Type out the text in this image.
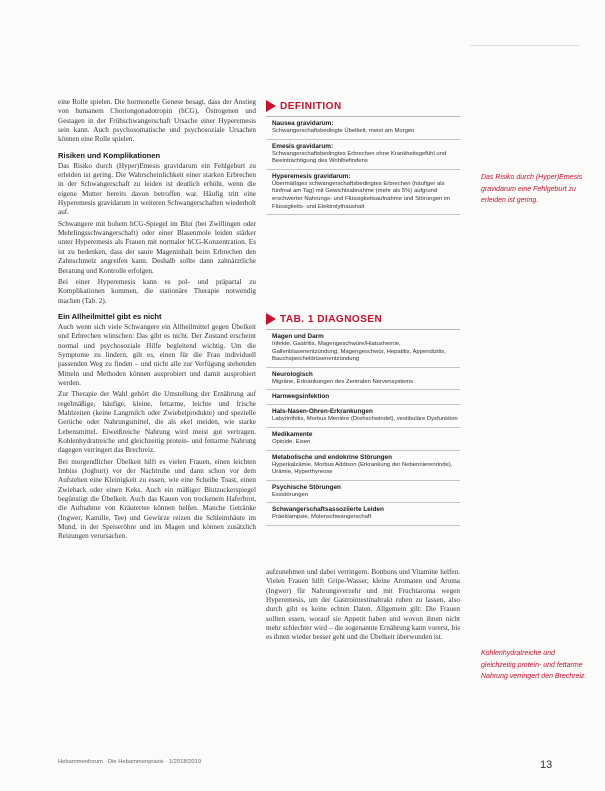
eine Rolle spielen. Die hormonelle Genese besagt, dass der Anstieg von humanem Choriongonadotropin (hCG), Östrogenen und Gestagen in der Frühschwangerschaft Ursache einer Hyperemesis sein kann. Auch psychosomatische und psychosoziale Ursachen können eine Rolle spielen.

Risiken und Komplikationen

Das Risiko durch (Hyper)Emesis gravidarum ein Fehlgeburt zu erleiden ist gering. Die Wahrscheinlichkeit einer starken Erbrechen in der Schwangerschaft zu leiden ist deutlich erhöht, wenn die eigene Mutter bereits davon betroffen war. Häufig tritt eine Hyperemesis gravidarum in weiteren Schwangerschaften wiederholt auf.

Schwangere mit hohem hCG-Spiegel im Blut (bei Zwillingen oder Mehrlingsschwangerschaft) oder einer Blasenmole leiden stärker unter Hyperemesis als Frauen mit normaler hCG-Konzentration. Es ist zu bedenken, dass der saure Mageninhalt beim Erbrechen den Zahnschmelz angreifen kann. Deshalb sollte dann zahnärztliche Beratung und Kontrolle erfolgen.

Bei einer Hyperemesis kann es pol- und präpartal zu Komplikationen kommen, die stationäre Therapie notwendig machen (Tab. 2).

Ein Allheilmittel gibt es nicht

Auch wenn sich viele Schwangere ein Allheilmittel gegen Übelkeit und Erbrechen wünschen: Das gibt es nicht. Der Zustand erscheint normal und psychosoziale Hilfe begleitend wichtig. Um die Symptome zu lindern, gilt es, einen für die Frau individuell passenden Weg zu finden – und nicht alle zur Verfügung stehenden Mitteln und Methoden können ausprobiert und damit ausprobiert werden.

Zur Therapie der Wahl gehört die Umstellung der Ernährung auf regelmäßige, häufige, kleine, fettarme, leichte und frische Mahlzeiten (keine Langmilch oder Zwiebelprodukte) und spezielle Gerüche oder Nahrungsmittel, die als ekel meiden, wie starke Lebensmittel. Eiweißreiche Nahrung wird meist gut vertragen. Kohlenhydratreiche und gleichzeitig protein- und fettarme Nahrung dagegen verringert das Brechreiz.

Bei morgendlicher Übelkeit hilft es vielen Frauen, einen leichten Imbiss (Joghurt) vor der Nachtruhe und dann schon vor dem Aufstehen eine Kleinigkeit zu essen, wie eine Scheibe Toast, einen Zwieback oder einen Keks. Auch ein mäßiger Blutzuckerspiegel begünstigt die Übelkeit. Auch das Kauen von trockenem Haferbrot, die Aufnahme von Kräutertee können helfen. Manche Getränke (Ingwer, Kamille, Tee) und Gewürze reizen die Schleimhäute im Mund, in der Speiseröhre und im Magen und können zusätzlich Reizungen verursachen.

DEFINITION

Nausea gravidarum:

Schwangerschaftsbedingte Übelkeit, meist am Morgen

Emesis gravidarum:

Schwangerschaftsbedingtes Erbrechen ohne Krankheitsgefühl und Beeinträchtigung des Wohlbefindens

Hyperemesis gravidarum:

Übermäßiges schwangerschaftsbedingtes Erbrechen (häufiger als fünfmal am Tag) mit Gewichtsabnahme (mehr als 5%) aufgrund erschwerter Nahrungs- und Flüssigkeitsaufnahme und Störungen im Flüssigkeits- und Elektrolythaushalt

Das Risiko durch (Hyper)Emesis gravidarum eine Fehlgeburt zu erleiden ist gering.
TAB. 1 DIAGNOSEN

Magen und Darm

Infekte, Gastritis, Magengeschwüre/Hiatushernie, Gallenblasenentzündung, Magengeschwür, Hepatitis, Appendizitis, Bauchspeicheldrüsenentzündung

Neurologisch

Migräne, Erkrankungen des Zentralen Nervensystems

Harnwegsinfektion

Hals-Nasen-Ohren-Erkrankungen

Labyrinthitis, Morbus Menière (Drehschwindel), vestibuläre Dysfunktion

Medikamente

Opioide, Eisen

Metabolische und endokrine Störungen

Hyperkalzämie, Morbus Addison (Erkrankung der Nebennierenrinde), Urämie, Hyperthyreose

Psychische Störungen

Essstörungen

Schwangerschaftsassoziierte Leiden

Präeklampsie, Molenschwangerschaft

aufzunehmen und dabei verringern. Bonbons und Vitamine helfen. Vielen Frauen hilft Gripe-Wasser, kleine Aromaten und Aroma (Ingwer) für Nahrungsverzehr und mit Fruchtaroma wegen Hyperemesis, um der Gastrointestinaltrakt ruhen zu lassen, also durch gibt es keine echten Daten. Allgemein gilt: Die Frauen sollten essen, worauf sie Appetit haben und wovon ihnen nicht mehr schlechter wird – die sogenannte Ernährung kann vorerst, bis es ihnen wieder besser geht und die Übelkeit überwunden ist.

Kohlenhydratreiche und gleichzeitig protein- und fettarme Nahrung verringert den Brechreiz.
Hebammenforum · Die Hebammenpraxis · 1/2018/2019	13
